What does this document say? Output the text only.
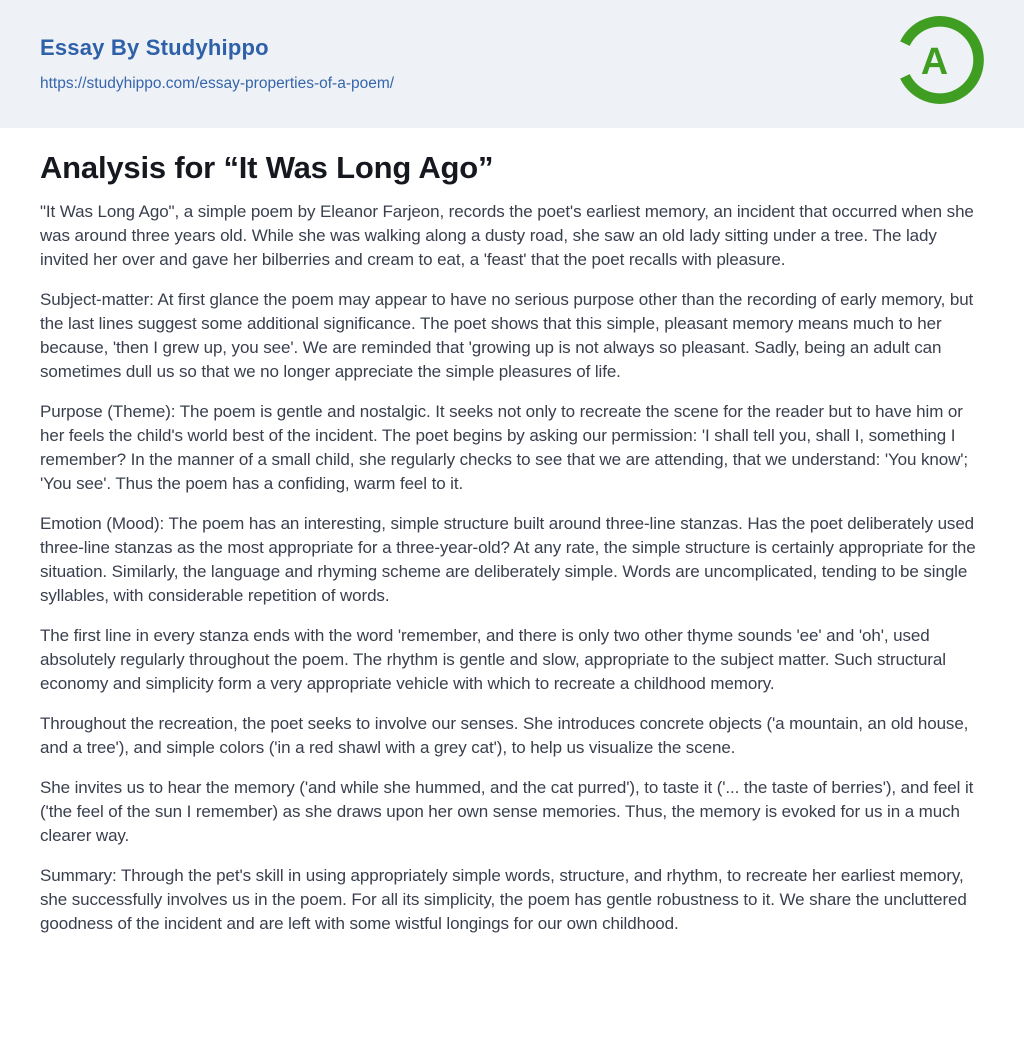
Essay By Studyhippo
https://studyhippo.com/essay-properties-of-a-poem/
A
Analysis for “It Was Long Ago”

"It Was Long Ago", a simple poem by Eleanor Farjeon, records the poet's earliest memory, an incident that occurred when she was around three years old. While she was walking along a dusty road, she saw an old lady sitting under a tree. The lady invited her over and gave her bilberries and cream to eat, a 'feast' that the poet recalls with pleasure.

Subject-matter: At first glance the poem may appear to have no serious purpose other than the recording of early memory, but the last lines suggest some additional significance. The poet shows that this simple, pleasant memory means much to her because, 'then I grew up, you see'. We are reminded that 'growing up is not always so pleasant. Sadly, being an adult can sometimes dull us so that we no longer appreciate the simple pleasures of life.

Purpose (Theme): The poem is gentle and nostalgic. It seeks not only to recreate the scene for the reader but to have him or her feels the child's world best of the incident. The poet begins by asking our permission: 'I shall tell you, shall I, something I remember? In the manner of a small child, she regularly checks to see that we are attending, that we understand: 'You know'; 'You see'. Thus the poem has a confiding, warm feel to it.

Emotion (Mood): The poem has an interesting, simple structure built around three-line stanzas. Has the poet deliberately used three-line stanzas as the most appropriate for a three-year-old? At any rate, the simple structure is certainly appropriate for the situation. Similarly, the language and rhyming scheme are deliberately simple. Words are uncomplicated, tending to be single syllables, with considerable repetition of words.

The first line in every stanza ends with the word 'remember, and there is only two other thyme sounds 'ee' and 'oh', used absolutely regularly throughout the poem. The rhythm is gentle and slow, appropriate to the subject matter. Such structural economy and simplicity form a very appropriate vehicle with which to recreate a childhood memory.

Throughout the recreation, the poet seeks to involve our senses. She introduces concrete objects ('a mountain, an old house, and a tree'), and simple colors ('in a red shawl with a grey cat'), to help us visualize the scene.

She invites us to hear the memory ('and while she hummed, and the cat purred'), to taste it ('... the taste of berries'), and feel it ('the feel of the sun I remember) as she draws upon her own sense memories. Thus, the memory is evoked for us in a much clearer way.

Summary: Through the pet's skill in using appropriately simple words, structure, and rhythm, to recreate her earliest memory, she successfully involves us in the poem. For all its simplicity, the poem has gentle robustness to it. We share the uncluttered goodness of the incident and are left with some wistful longings for our own childhood.
